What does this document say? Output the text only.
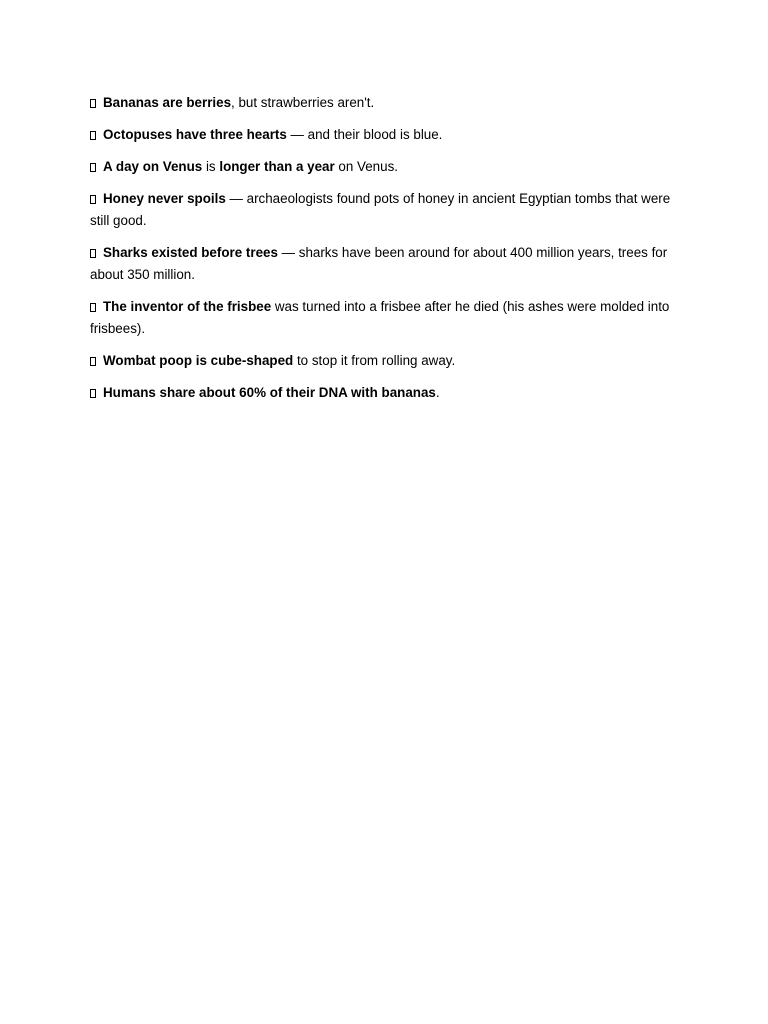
Bananas are berries, but strawberries aren't.

Octopuses have three hearts — and their blood is blue.

A day on Venus is longer than a year on Venus.

Honey never spoils — archaeologists found pots of honey in ancient Egyptian tombs that were still good.

Sharks existed before trees — sharks have been around for about 400 million years, trees for about 350 million.

The inventor of the frisbee was turned into a frisbee after he died (his ashes were molded into frisbees).

Wombat poop is cube-shaped to stop it from rolling away.

Humans share about 60% of their DNA with bananas.
